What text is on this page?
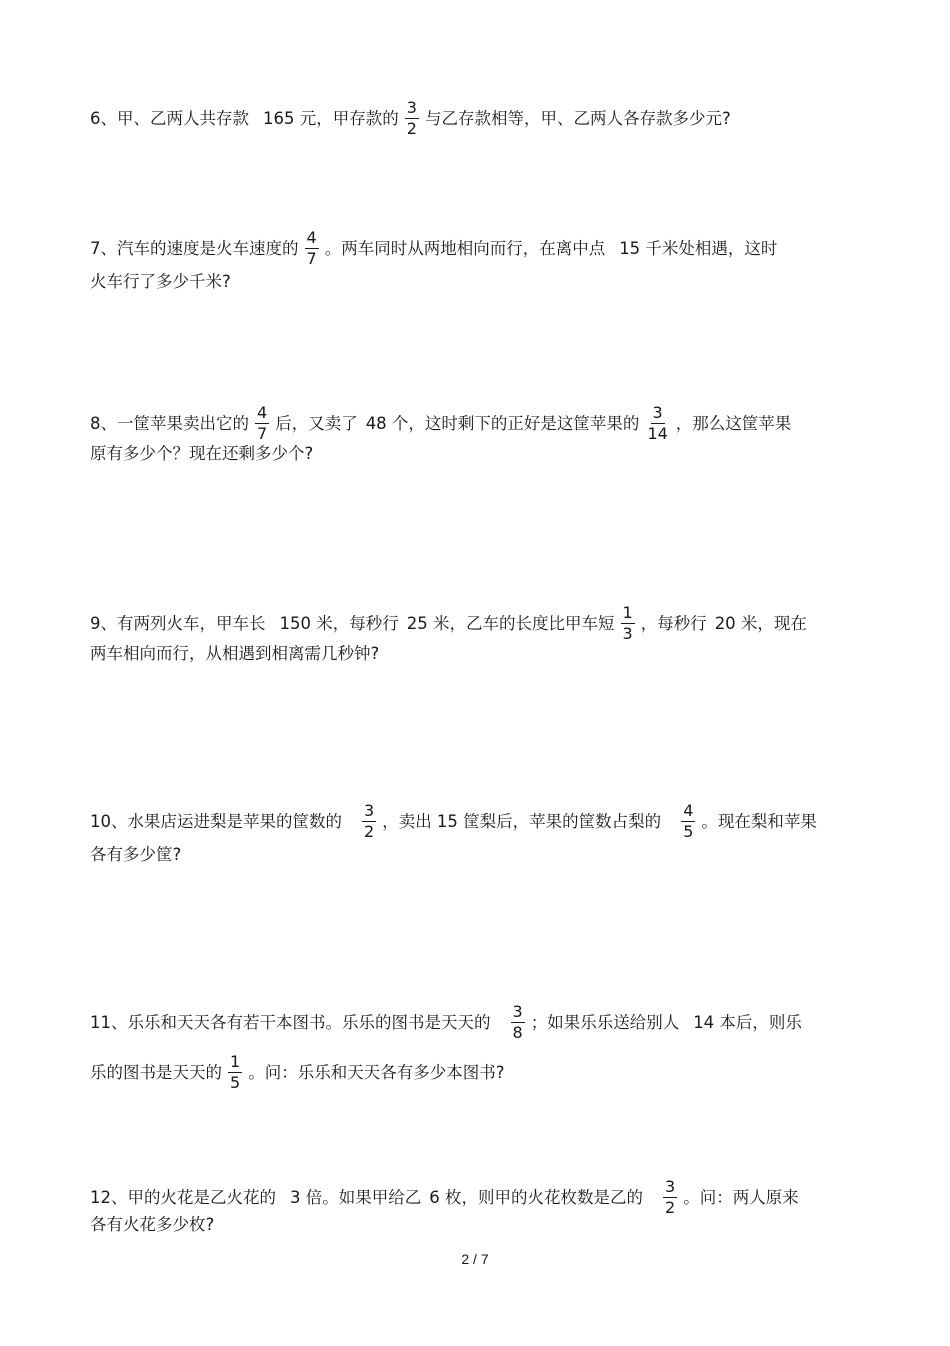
6、甲、乙两人共存款 165 元，甲存款的 $\frac{3}{2}$ 与乙存款相等，甲、乙两人各存款多少元?
7、汽车的速度是火车速度的 $\frac{4}{7}$ 。两车同时从两地相向而行，在离中点 15 千米处相遇，这时
火车行了多少千米?
8、一筐苹果卖出它的 $\frac{4}{7}$ 后，又卖了 48 个，这时剩下的正好是这筐苹果的 $\frac{3}{14}$ ，那么这筐苹果
原有多少个？现在还剩多少个?
9、有两列火车，甲车长 150 米，每秒行 25 米，乙车的长度比甲车短 $\frac{1}{3}$ ，每秒行 20 米，现在
两车相向而行，从相遇到相离需几秒钟?
10、水果店运进梨是苹果的筐数的 $\frac{3}{2}$ ，卖出 15 筐梨后，苹果的筐数占梨的 $\frac{4}{5}$ 。现在梨和苹果
各有多少筐?
11、乐乐和天天各有若干本图书。乐乐的图书是天天的 $\frac{3}{8}$ ；如果乐乐送给别人 14 本后，则乐
乐的图书是天天的 $\frac{1}{5}$ 。问：乐乐和天天各有多少本图书?
12、甲的火花是乙火花的 3 倍。如果甲给乙 6 枚，则甲的火花枚数是乙的 $\frac{3}{2}$ 。问：两人原来
各有火花多少枚?
2 / 7
